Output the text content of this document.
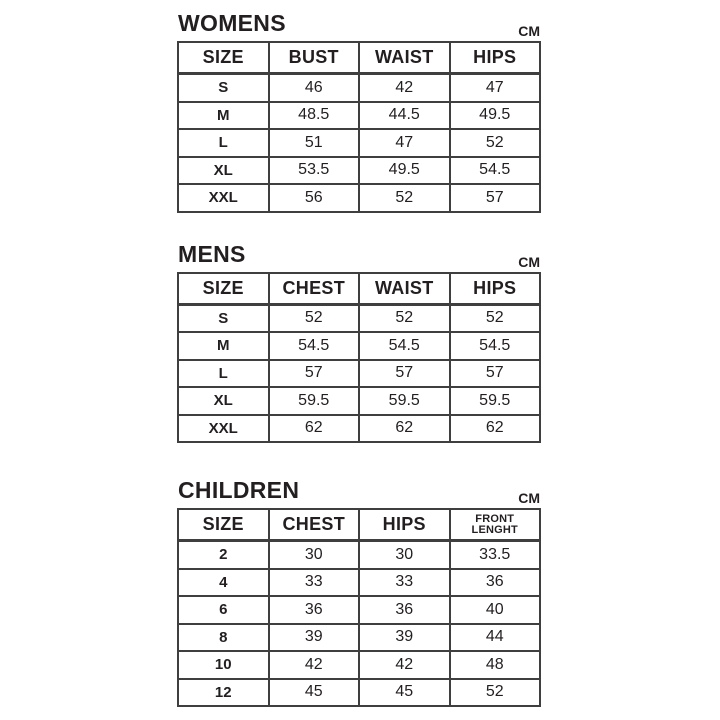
WOMENS	CM
SIZE	BUST	WAIST	HIPS
S	46	42	47
M	48.5	44.5	49.5
L	51	47	52
XL	53.5	49.5	54.5
XXL	56	52	57
MENS	CM
SIZE	CHEST	WAIST	HIPS
S	52	52	52
M	54.5	54.5	54.5
L	57	57	57
XL	59.5	59.5	59.5
XXL	62	62	62
CHILDREN	CM
SIZE	CHEST	HIPS	FRONT
LENGHT
2	30	30	33.5
4	33	33	36
6	36	36	40
8	39	39	44
10	42	42	48
12	45	45	52
